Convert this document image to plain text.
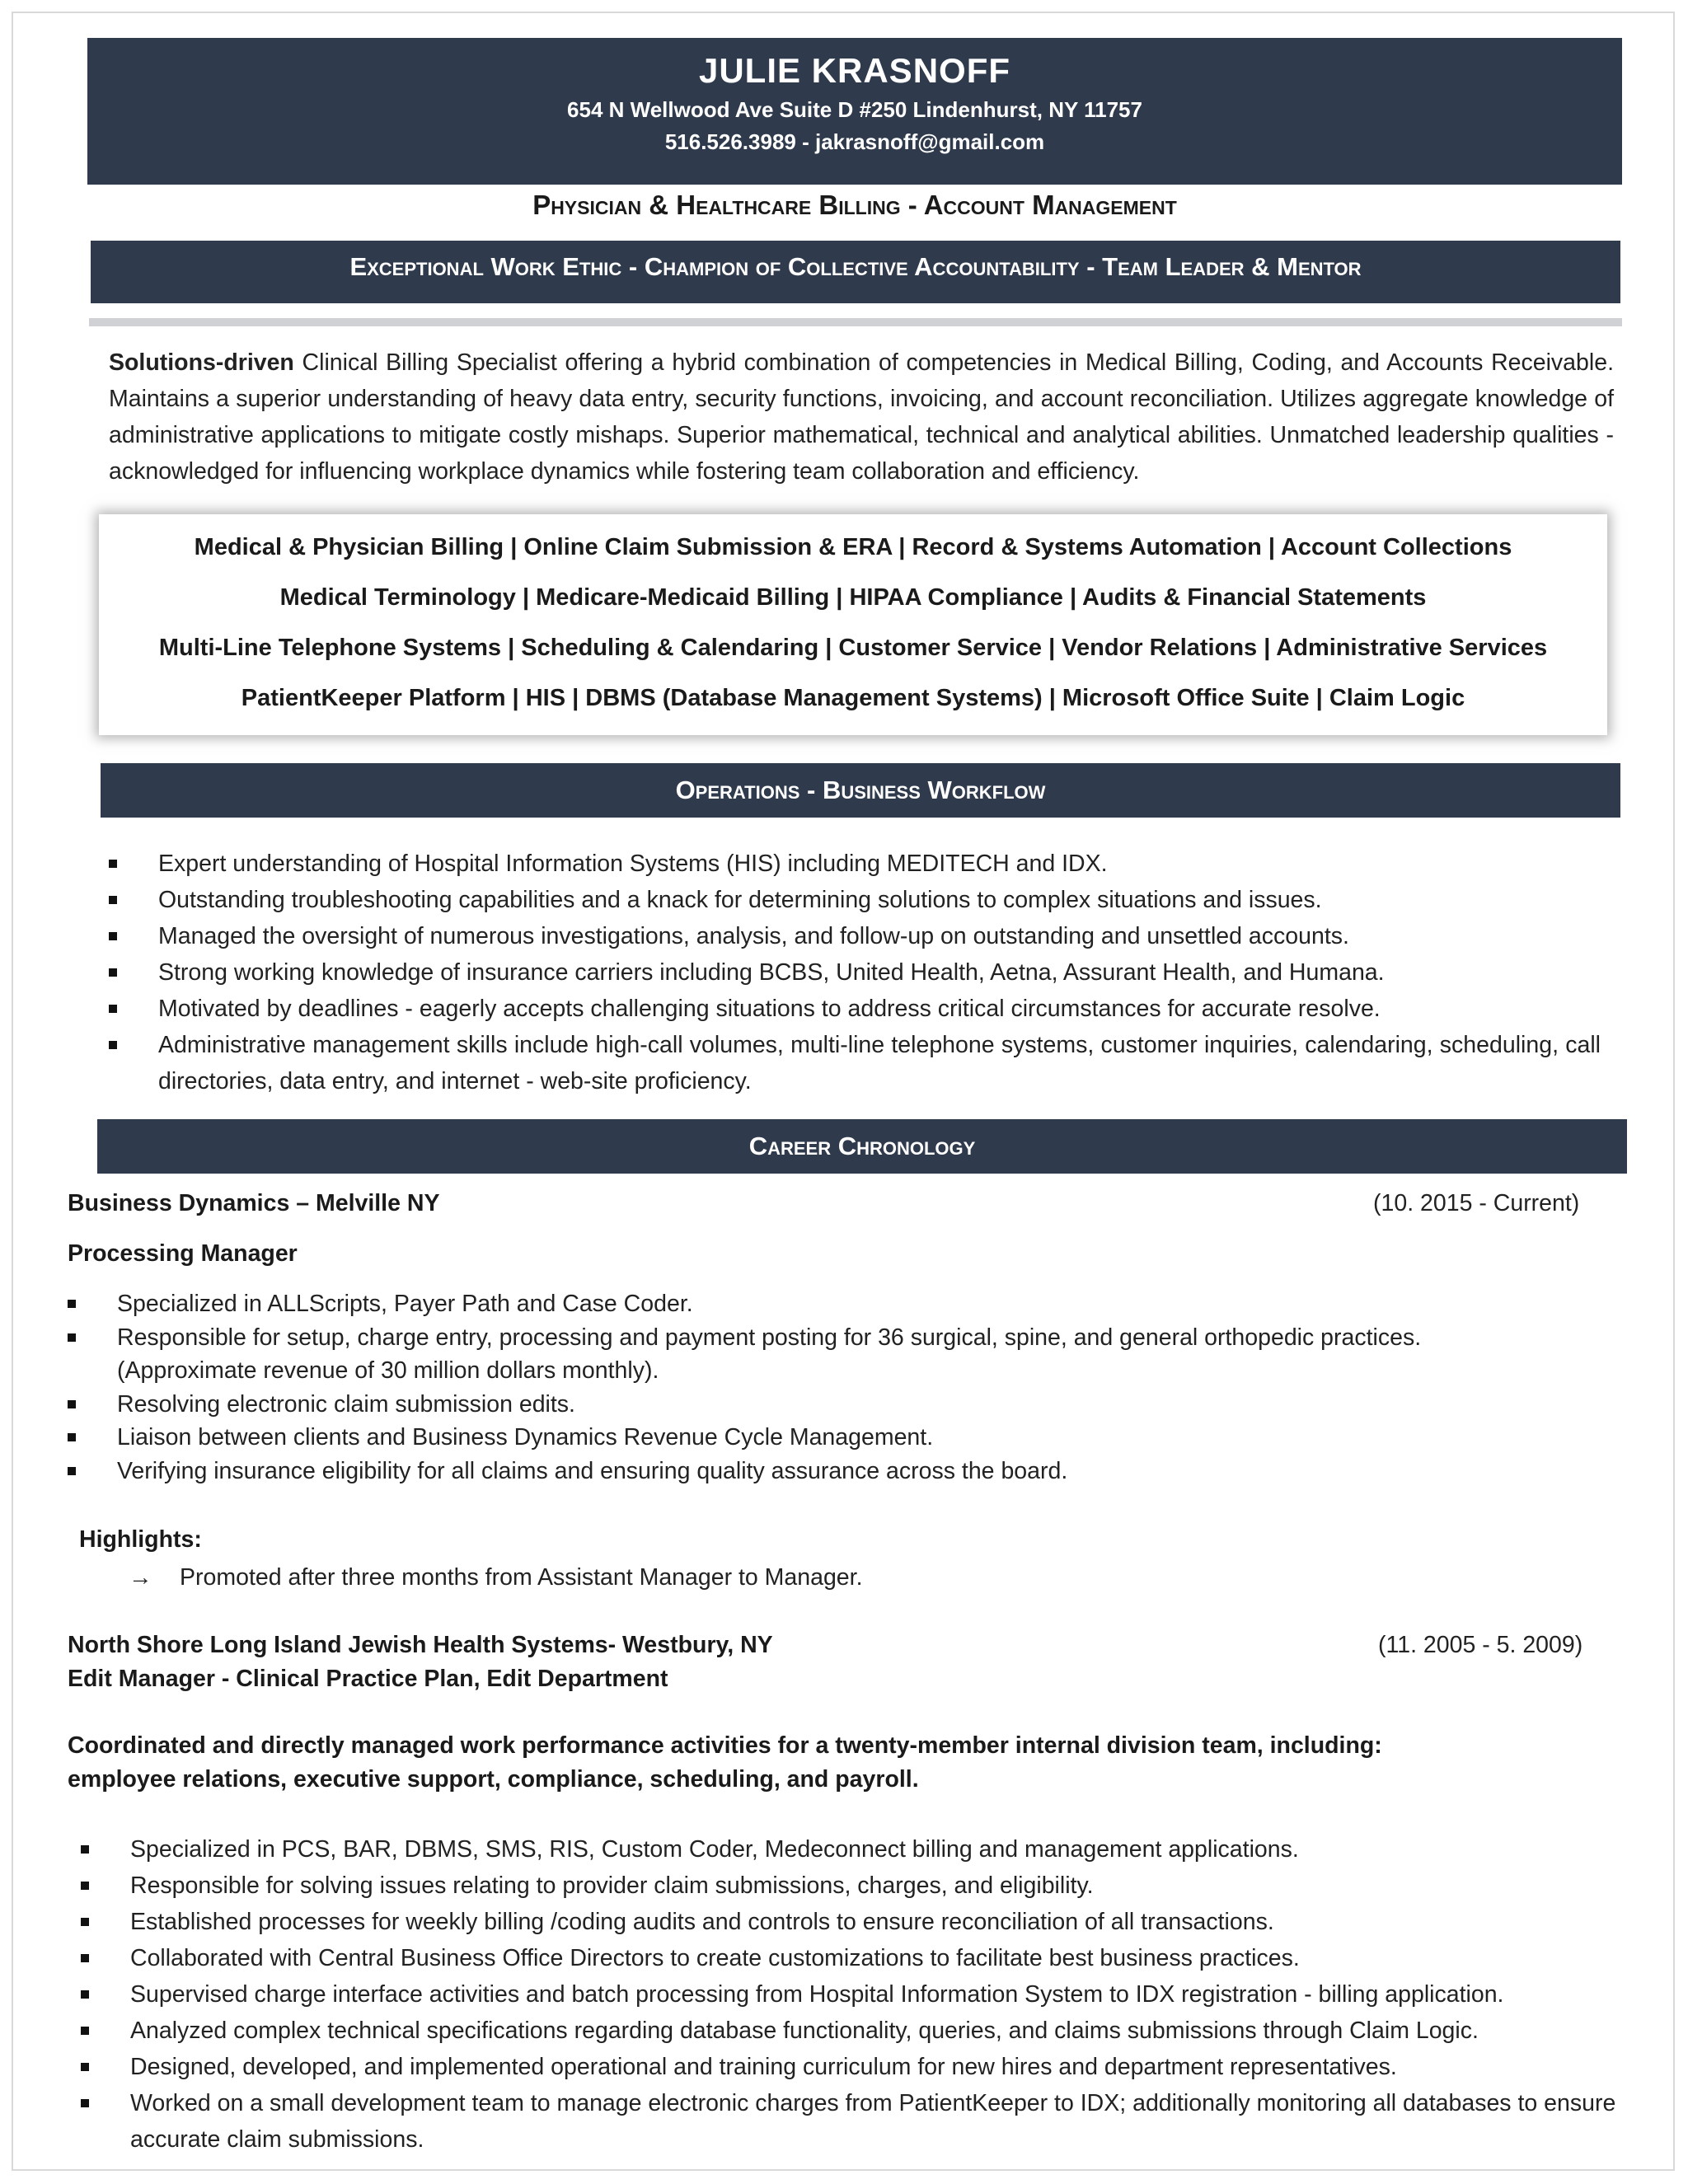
JULIE KRASNOFF
654 N Wellwood Ave Suite D #250 Lindenhurst, NY 11757
516.526.3989 - jakrasnoff@gmail.com
Physician & Healthcare Billing - Account Management
Exceptional Work Ethic - Champion of Collective Accountability - Team Leader & Mentor
Solutions-driven Clinical Billing Specialist offering a hybrid combination of competencies in Medical Billing, Coding, and Accounts Receivable. Maintains a superior understanding of heavy data entry, security functions, invoicing, and account reconciliation. Utilizes aggregate knowledge of administrative applications to mitigate costly mishaps. Superior mathematical, technical and analytical abilities. Unmatched leadership qualities - acknowledged for influencing workplace dynamics while fostering team collaboration and efficiency.
Medical & Physician Billing | Online Claim Submission & ERA | Record & Systems Automation | Account Collections
Medical Terminology | Medicare-Medicaid Billing | HIPAA Compliance | Audits & Financial Statements
Multi-Line Telephone Systems | Scheduling & Calendaring | Customer Service | Vendor Relations | Administrative Services
PatientKeeper Platform | HIS | DBMS (Database Management Systems) | Microsoft Office Suite | Claim Logic
Operations - Business Workflow
Expert understanding of Hospital Information Systems (HIS) including MEDITECH and IDX.
Outstanding troubleshooting capabilities and a knack for determining solutions to complex situations and issues.
Managed the oversight of numerous investigations, analysis, and follow-up on outstanding and unsettled accounts.
Strong working knowledge of insurance carriers including BCBS, United Health, Aetna, Assurant Health, and Humana.
Motivated by deadlines - eagerly accepts challenging situations to address critical circumstances for accurate resolve.
Administrative management skills include high-call volumes, multi-line telephone systems, customer inquiries, calendaring, scheduling, call directories, data entry, and internet - web-site proficiency.
Career Chronology
Business Dynamics – Melville NY	(10. 2015 - Current)
Processing Manager
Specialized in ALLScripts, Payer Path and Case Coder.
Responsible for setup, charge entry, processing and payment posting for 36 surgical, spine, and general orthopedic practices. (Approximate revenue of 30 million dollars monthly).
Resolving electronic claim submission edits.
Liaison between clients and Business Dynamics Revenue Cycle Management.
Verifying insurance eligibility for all claims and ensuring quality assurance across the board.
Highlights:
→ Promoted after three months from Assistant Manager to Manager.
North Shore Long Island Jewish Health Systems- Westbury, NY	(11. 2005 - 5. 2009)
Edit Manager - Clinical Practice Plan, Edit Department
Coordinated and directly managed work performance activities for a twenty-member internal division team, including:
employee relations, executive support, compliance, scheduling, and payroll.
Specialized in PCS, BAR, DBMS, SMS, RIS, Custom Coder, Medeconnect billing and management applications.
Responsible for solving issues relating to provider claim submissions, charges, and eligibility.
Established processes for weekly billing /coding audits and controls to ensure reconciliation of all transactions.
Collaborated with Central Business Office Directors to create customizations to facilitate best business practices.
Supervised charge interface activities and batch processing from Hospital Information System to IDX registration - billing application.
Analyzed complex technical specifications regarding database functionality, queries, and claims submissions through Claim Logic.
Designed, developed, and implemented operational and training curriculum for new hires and department representatives.
Worked on a small development team to manage electronic charges from PatientKeeper to IDX; additionally monitoring all databases to ensure accurate claim submissions.
